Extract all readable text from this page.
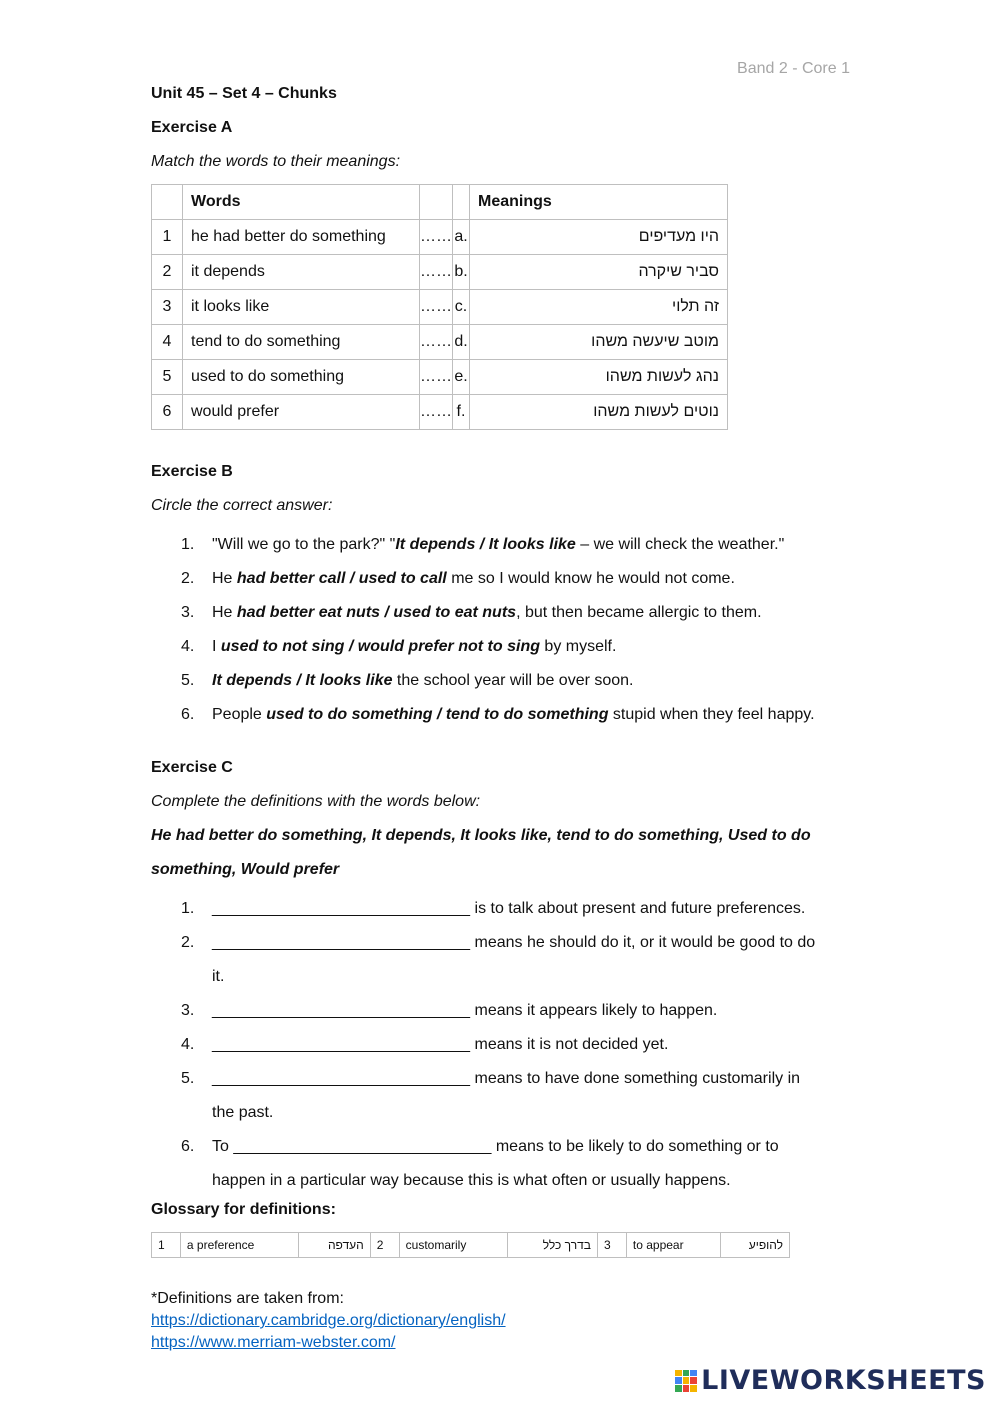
Band 2 - Core 1
Unit 45 – Set 4 – Chunks
Exercise A
Match the words to their meanings:
	Words			Meanings
1	he had better do something	……	a.	היו מעדיפים
2	it depends	……	b.	סביר שיקרה
3	it looks like	……	c.	זה תלוי
4	tend to do something	……	d.	מוטב שיעשה משהו
5	used to do something	……	e.	נהג לעשות משהו
6	would prefer	……	f.	נוטים לעשות משהו
Exercise B
Circle the correct answer:
1. "Will we go to the park?" "It depends / It looks like – we will check the weather."
2. He had better call / used to call me so I would know he would not come.
3. He had better eat nuts / used to eat nuts, but then became allergic to them.
4. I used to not sing / would prefer not to sing by myself.
5. It depends / It looks like the school year will be over soon.
6. People used to do something / tend to do something stupid when they feel happy.
Exercise C
Complete the definitions with the words below:
He had better do something, It depends, It looks like, tend to do something, Used to do
something, Would prefer
1. _____________________________ is to talk about present and future preferences.
2. _____________________________ means he should do it, or it would be good to do
it.
3. _____________________________ means it appears likely to happen.
4. _____________________________ means it is not decided yet.
5. _____________________________ means to have done something customarily in
the past.
6. To _____________________________ means to be likely to do something or to
happen in a particular way because this is what often or usually happens.
Glossary for definitions:
1	a preference	העדפה	2	customarily	בדרך כלל	3	to appear	להופיע
*Definitions are taken from:
https://dictionary.cambridge.org/dictionary/english/
https://www.merriam-webster.com/
LIVEWORKSHEETS
